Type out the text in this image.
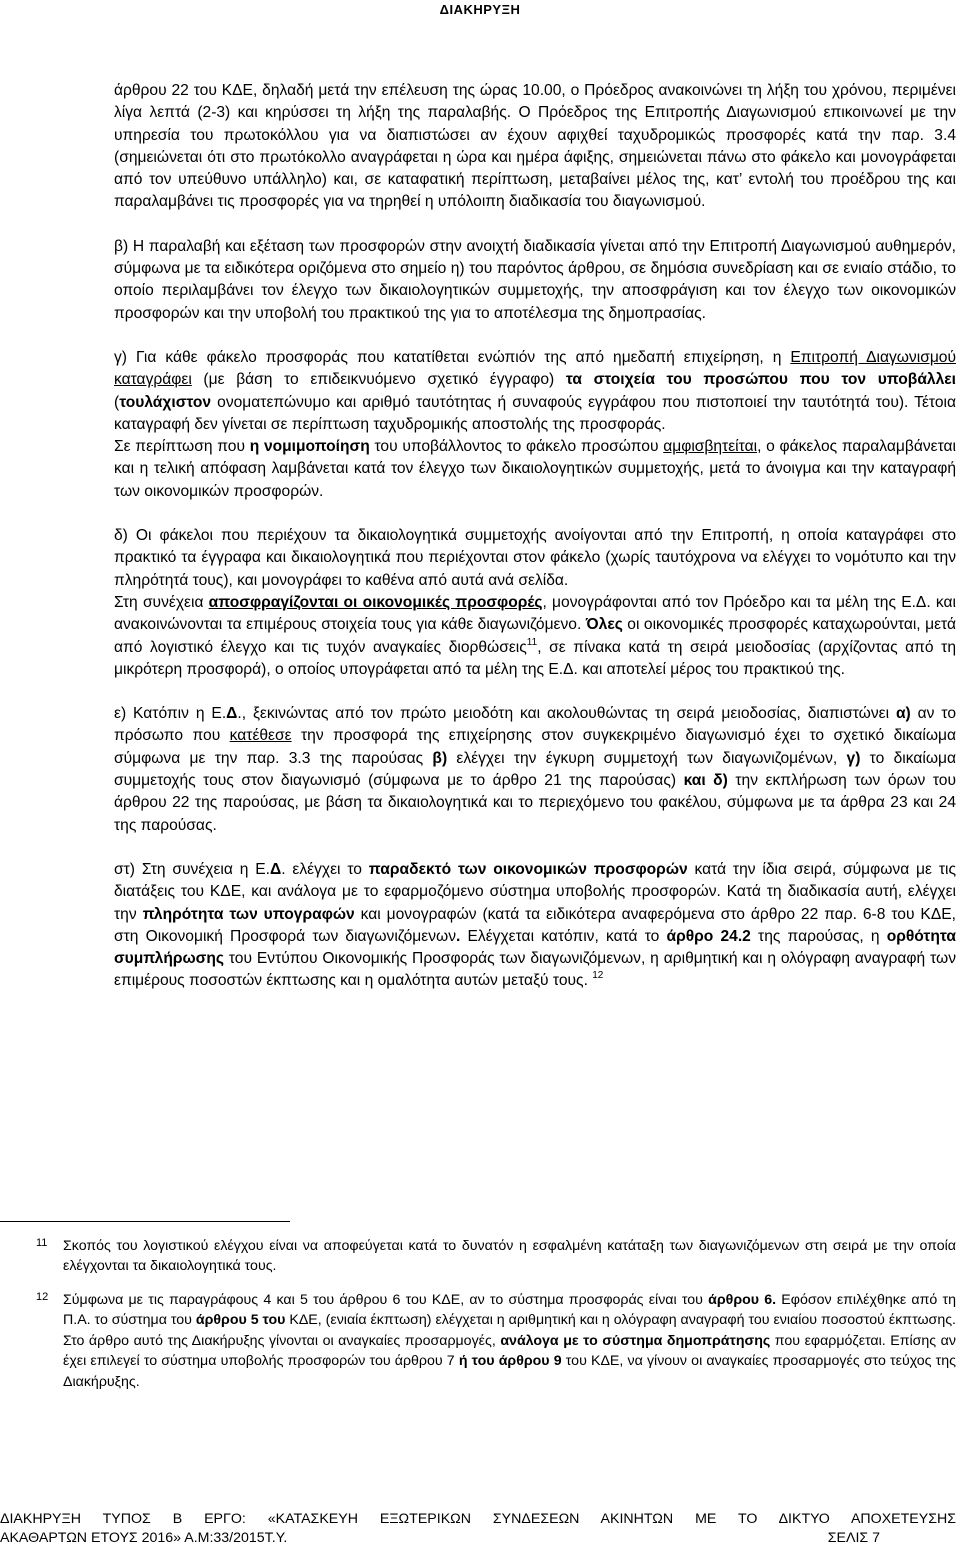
ΔΙΑΚΗΡΥΞΗ

άρθρου 22 του ΚΔΕ, δηλαδή μετά την επέλευση της ώρας 10.00, ο Πρόεδρος ανακοινώνει τη λήξη του χρόνου, περιμένει λίγα λεπτά (2-3) και κηρύσσει τη λήξη της παραλαβής. Ο Πρόεδρος της Επιτροπής Διαγωνισμού επικοινωνεί με την υπηρεσία του πρωτοκόλλου για να διαπιστώσει αν έχουν αφιχθεί ταχυδρομικώς προσφορές κατά την παρ. 3.4 (σημειώνεται ότι στο πρωτόκολλο αναγράφεται η ώρα και ημέρα άφιξης, σημειώνεται πάνω στο φάκελο και μονογράφεται από τον υπεύθυνο υπάλληλο) και, σε καταφατική περίπτωση, μεταβαίνει μέλος της, κατ’ εντολή του προέδρου της και παραλαμβάνει τις προσφορές για να τηρηθεί η υπόλοιπη διαδικασία του διαγωνισμού.

β) Η παραλαβή και εξέταση των προσφορών στην ανοιχτή διαδικασία γίνεται από την Επιτροπή Διαγωνισμού αυθημερόν, σύμφωνα με τα ειδικότερα οριζόμενα στο σημείο η) του παρόντος άρθρου, σε δημόσια συνεδρίαση και σε ενιαίο στάδιο, το οποίο περιλαμβάνει τον έλεγχο των δικαιολογητικών συμμετοχής, την αποσφράγιση και τον έλεγχο των οικονομικών προσφορών και την υποβολή του πρακτικού της για το αποτέλεσμα της δημοπρασίας.

γ) Για κάθε φάκελο προσφοράς που κατατίθεται ενώπιόν της από ημεδαπή επιχείρηση, η Επιτροπή Διαγωνισμού καταγράφει (με βάση το επιδεικνυόμενο σχετικό έγγραφο) τα στοιχεία του προσώπου που τον υποβάλλει (τουλάχιστον ονοματεπώνυμο και αριθμό ταυτότητας ή συναφούς εγγράφου που πιστοποιεί την ταυτότητά του). Τέτοια καταγραφή δεν γίνεται σε περίπτωση ταχυδρομικής αποστολής της προσφοράς.

Σε περίπτωση που η νομιμοποίηση του υποβάλλοντος το φάκελο προσώπου αμφισβητείται, ο φάκελος παραλαμβάνεται και η τελική απόφαση λαμβάνεται κατά τον έλεγχο των δικαιολογητικών συμμετοχής, μετά το άνοιγμα και την καταγραφή των οικονομικών προσφορών.

δ) Οι φάκελοι που περιέχουν τα δικαιολογητικά συμμετοχής ανοίγονται από την Επιτροπή, η οποία καταγράφει στο πρακτικό τα έγγραφα και δικαιολογητικά που περιέχονται στον φάκελο (χωρίς ταυτόχρονα να ελέγχει το νομότυπο και την πληρότητά τους), και μονογράφει το καθένα από αυτά ανά σελίδα.

Στη συνέχεια αποσφραγίζονται οι οικονομικές προσφορές, μονογράφονται από τον Πρόεδρο και τα μέλη της Ε.Δ. και ανακοινώνονται τα επιμέρους στοιχεία τους για κάθε διαγωνιζόμενο. Όλες οι οικονομικές προσφορές καταχωρούνται, μετά από λογιστικό έλεγχο και τις τυχόν αναγκαίες διορθώσεις$^{11}$, σε πίνακα κατά τη σειρά μειοδοσίας (αρχίζοντας από τη μικρότερη προσφορά), ο οποίος υπογράφεται από τα μέλη της Ε.Δ. και αποτελεί μέρος του πρακτικού της.

ε) Κατόπιν η Ε.Δ., ξεκινώντας από τον πρώτο μειοδότη και ακολουθώντας τη σειρά μειοδοσίας, διαπιστώνει α) αν το πρόσωπο που κατέθεσε την προσφορά της επιχείρησης στον συγκεκριμένο διαγωνισμό έχει το σχετικό δικαίωμα σύμφωνα με την παρ. 3.3 της παρούσας β) ελέγχει την έγκυρη συμμετοχή των διαγωνιζομένων, γ) το δικαίωμα συμμετοχής τους στον διαγωνισμό (σύμφωνα με το άρθρο 21 της παρούσας) και δ) την εκπλήρωση των όρων του άρθρου 22 της παρούσας, με βάση τα δικαιολογητικά και το περιεχόμενο του φακέλου, σύμφωνα με τα άρθρα 23 και 24 της παρούσας.

στ) Στη συνέχεια η Ε.Δ. ελέγχει το παραδεκτό των οικονομικών προσφορών κατά την ίδια σειρά, σύμφωνα με τις διατάξεις του ΚΔΕ, και ανάλογα με το εφαρμοζόμενο σύστημα υποβολής προσφορών. Κατά τη διαδικασία αυτή, ελέγχει την πληρότητα των υπογραφών και μονογραφών (κατά τα ειδικότερα αναφερόμενα στο άρθρο 22 παρ. 6-8 του ΚΔΕ, στη Οικονομική Προσφορά των διαγωνιζόμενων. Ελέγχεται κατόπιν, κατά το άρθρο 24.2 της παρούσας, η ορθότητα συμπλήρωσης του Εντύπου Οικονομικής Προσφοράς των διαγωνιζόμενων, η αριθμητική και η ολόγραφη αναγραφή των επιμέρους ποσοστών έκπτωσης και η ομαλότητα αυτών μεταξύ τους. $^{12}$

11 Σκοπός του λογιστικού ελέγχου είναι να αποφεύγεται κατά το δυνατόν η εσφαλμένη κατάταξη των διαγωνιζόμενων στη σειρά με την οποία ελέγχονται τα δικαιολογητικά τους.
12 Σύμφωνα με τις παραγράφους 4 και 5 του άρθρου 6 του ΚΔΕ, αν το σύστημα προσφοράς είναι του άρθρου 6. Εφόσον επιλέχθηκε από τη Π.Α. το σύστημα του άρθρου 5 του ΚΔΕ, (ενιαία έκπτωση) ελέγχεται η αριθμητική και η ολόγραφη αναγραφή του ενιαίου ποσοστού έκπτωσης. Στο άρθρο αυτό της Διακήρυξης γίνονται οι αναγκαίες προσαρμογές, ανάλογα με το σύστημα δημοπράτησης που εφαρμόζεται. Επίσης αν έχει επιλεγεί το σύστημα υποβολής προσφορών του άρθρου 7 ή του άρθρου 9 του ΚΔΕ, να γίνουν οι αναγκαίες προσαρμογές στο τεύχος της Διακήρυξης.
ΔΙΑΚΗΡΥΞΗ ΤΥΠΟΣ Β ΕΡΓΟ: «ΚΑΤΑΣΚΕΥΗ ΕΞΩΤΕΡΙΚΩΝ ΣΥΝΔΕΣΕΩΝ ΑΚΙΝΗΤΩΝ ΜΕ ΤΟ ΔΙΚΤΥΟ ΑΠΟΧΕΤΕΥΣΗΣ
ΑΚΑΘΑΡΤΩΝ ΕΤΟΥΣ 2016» Α.Μ:33/2015Τ.Υ.	ΣΕΛΙΣ 7
